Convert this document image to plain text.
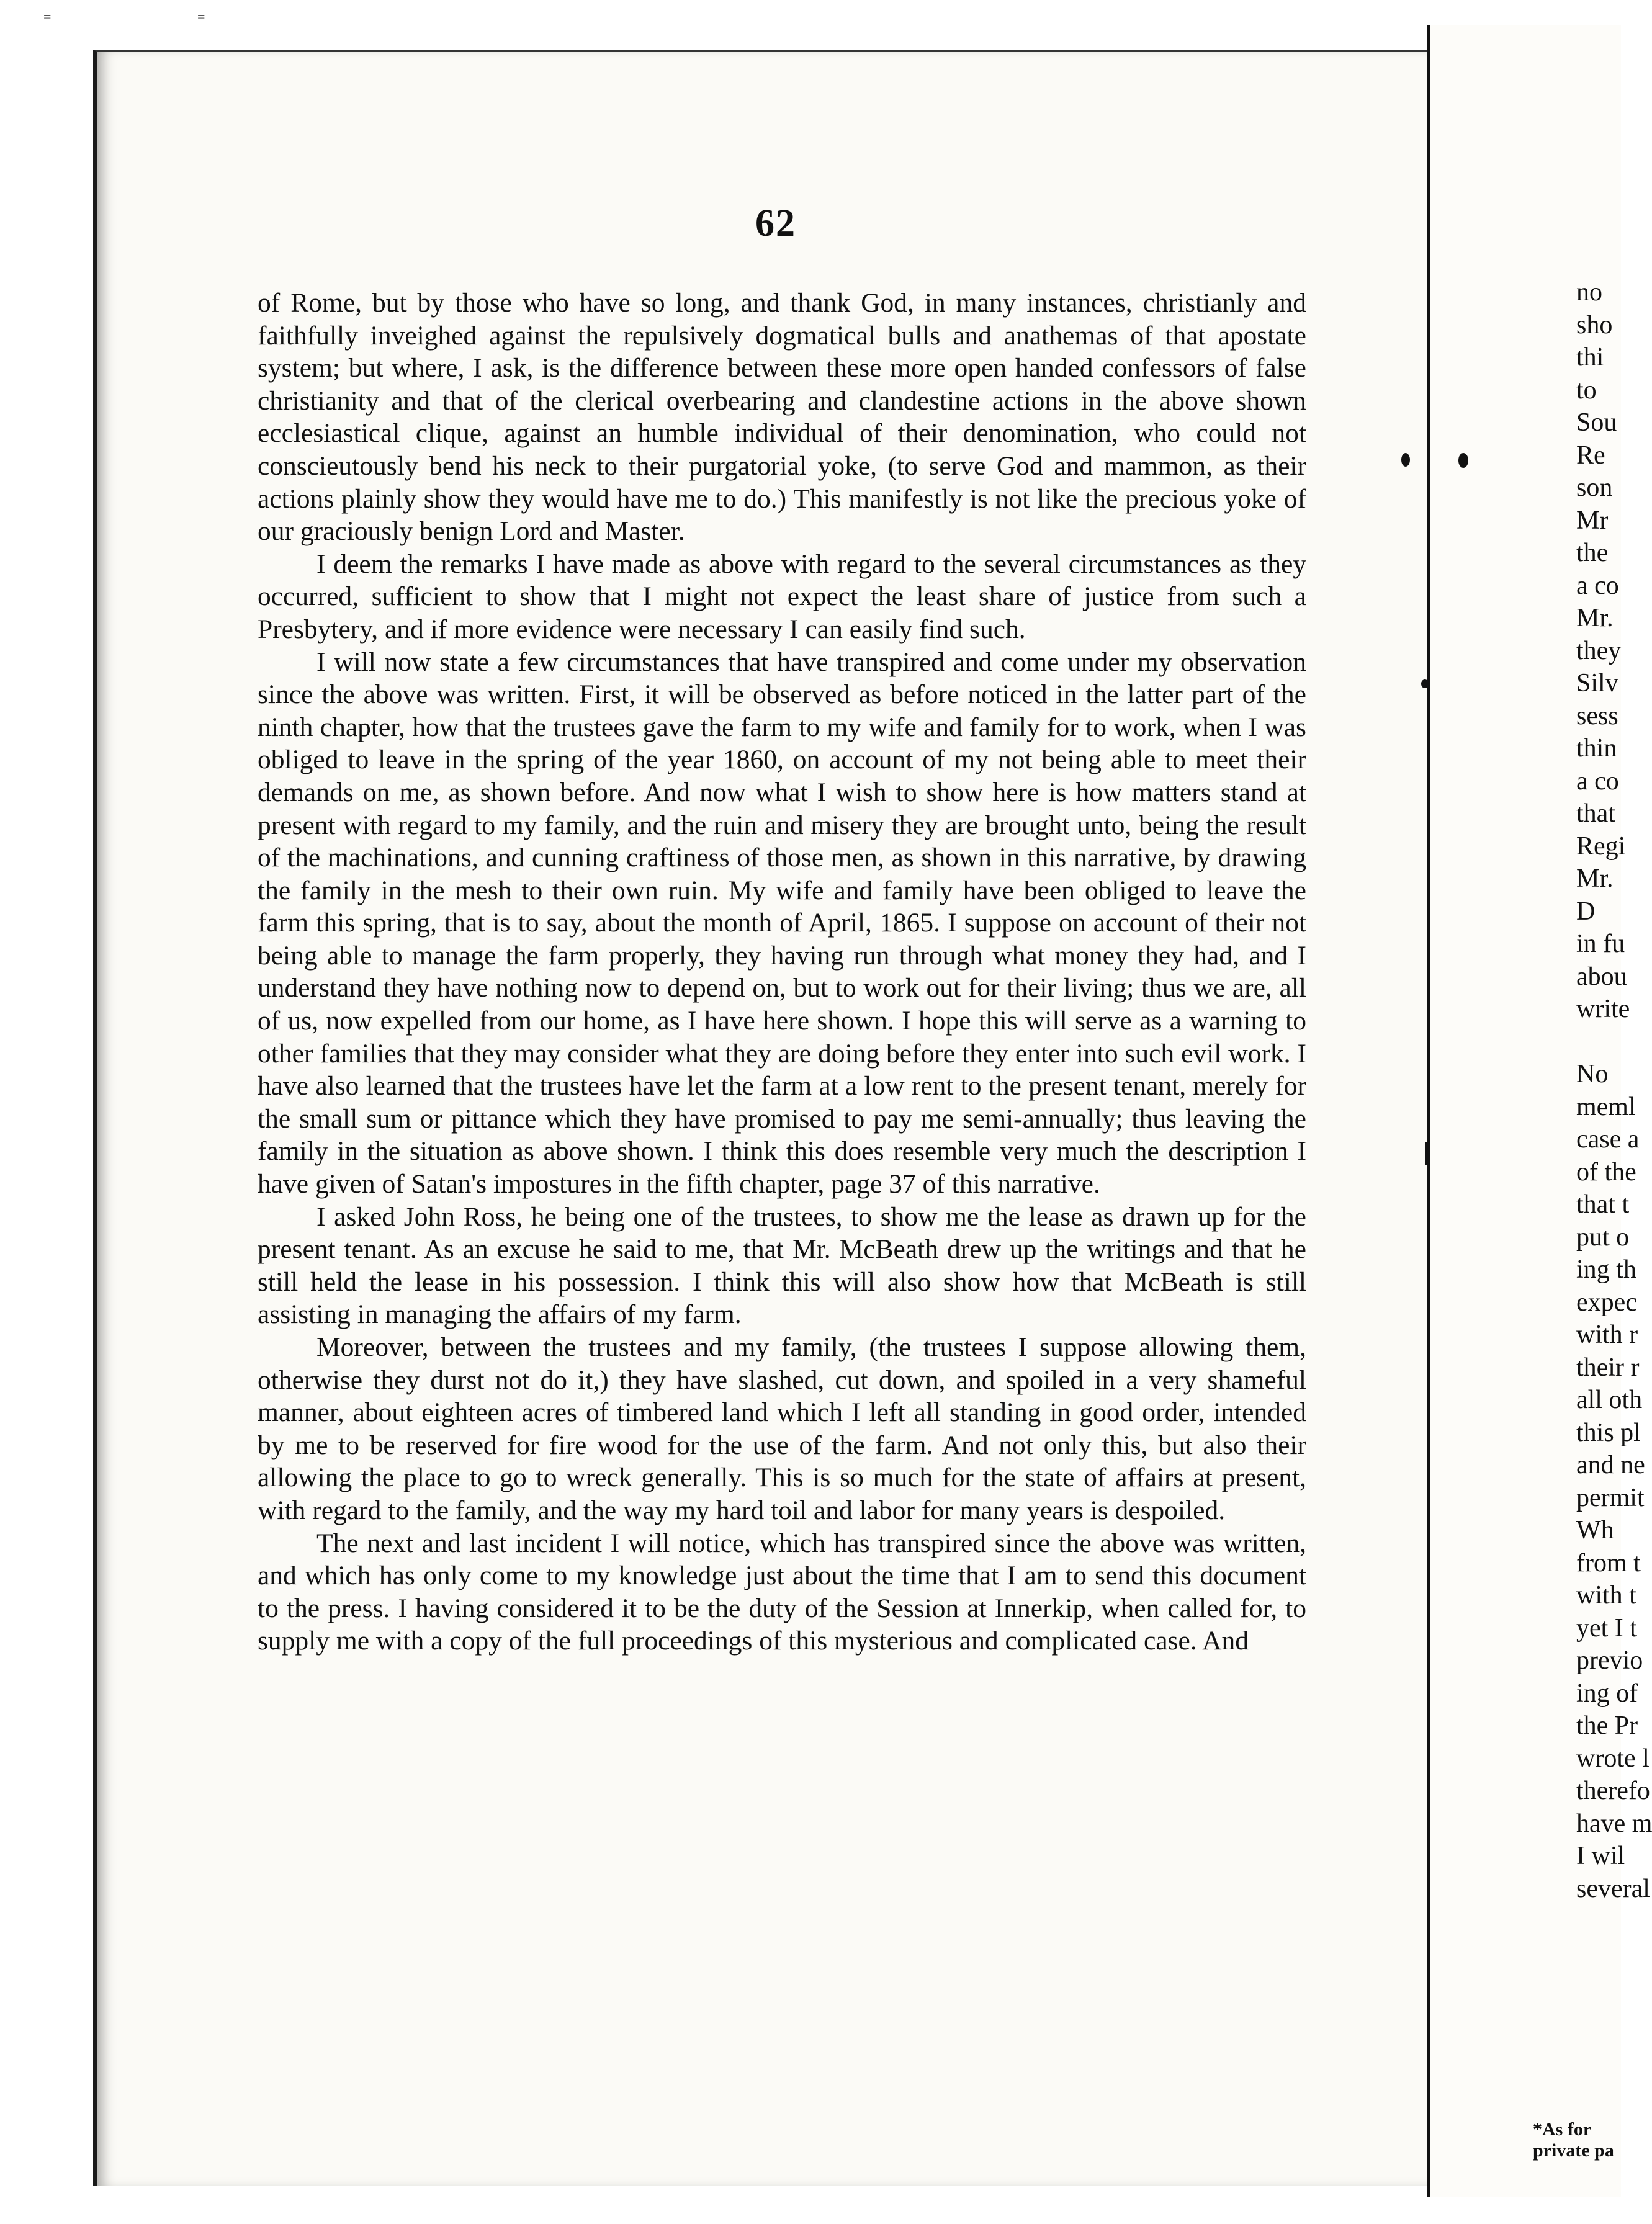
=	=
62

of Rome, but by those who have so long, and thank God, in many instances, christianly and faithfully inveighed against the repulsively dogmatical bulls and anathemas of that apostate system; but where, I ask, is the difference between these more open handed confessors of false christianity and that of the clerical overbearing and clandestine actions in the above shown ecclesiastical clique, against an humble individual of their denomination, who could not conscieutously bend his neck to their purgatorial yoke, (to serve God and mammon, as their actions plainly show they would have me to do.) This manifestly is not like the precious yoke of our graciously benign Lord and Master.

I deem the remarks I have made as above with regard to the several circumstances as they occurred, sufficient to show that I might not expect the least share of justice from such a Presbytery, and if more evidence were necessary I can easily find such.

I will now state a few circumstances that have transpired and come under my observation since the above was written. First, it will be observed as before noticed in the latter part of the ninth chapter, how that the trustees gave the farm to my wife and family for to work, when I was obliged to leave in the spring of the year 1860, on account of my not being able to meet their demands on me, as shown before. And now what I wish to show here is how matters stand at present with regard to my family, and the ruin and misery they are brought unto, being the result of the machinations, and cunning craftiness of those men, as shown in this narrative, by drawing the family in the mesh to their own ruin. My wife and family have been obliged to leave the farm this spring, that is to say, about the month of April, 1865. I suppose on account of their not being able to manage the farm properly, they having run through what money they had, and I understand they have nothing now to depend on, but to work out for their living; thus we are, all of us, now expelled from our home, as I have here shown. I hope this will serve as a warning to other families that they may consider what they are doing before they enter into such evil work. I have also learned that the trustees have let the farm at a low rent to the present tenant, merely for the small sum or pittance which they have promised to pay me semi-annually; thus leaving the family in the situation as above shown. I think this does resemble very much the description I have given of Satan's impostures in the fifth chapter, page 37 of this narrative.

I asked John Ross, he being one of the trustees, to show me the lease as drawn up for the present tenant. As an excuse he said to me, that Mr. McBeath drew up the writings and that he still held the lease in his possession. I think this will also show how that McBeath is still assisting in managing the affairs of my farm.

Moreover, between the trustees and my family, (the trustees I suppose allowing them, otherwise they durst not do it,) they have slashed, cut down, and spoiled in a very shameful manner, about eighteen acres of timbered land which I left all standing in good order, intended by me to be reserved for fire wood for the use of the farm. And not only this, but also their allowing the place to go to wreck generally. This is so much for the state of affairs at present, with regard to the family, and the way my hard toil and labor for many years is despoiled.

The next and last incident I will notice, which has transpired since the above was written, and which has only come to my knowledge just about the time that I am to send this document to the press. I having considered it to be the duty of the Session at Innerkip, when called for, to supply me with a copy of the full proceedings of this mysterious and complicated case. And

no
sho
thi
to
Sou
Re
son
Mr
the
a co
Mr.
they
Silv
sess
thin
a co
that
Regi
Mr.
D
in fu
abou
write
No
meml
case a
of the
that t
put o
ing th
expec
with r
their r
all oth
this pl
and ne
permit
Wh
from t
with t
yet I t
previo
ing of
the Pr
wrote l
therefo
have m
I wil
several
*As for
private pa
